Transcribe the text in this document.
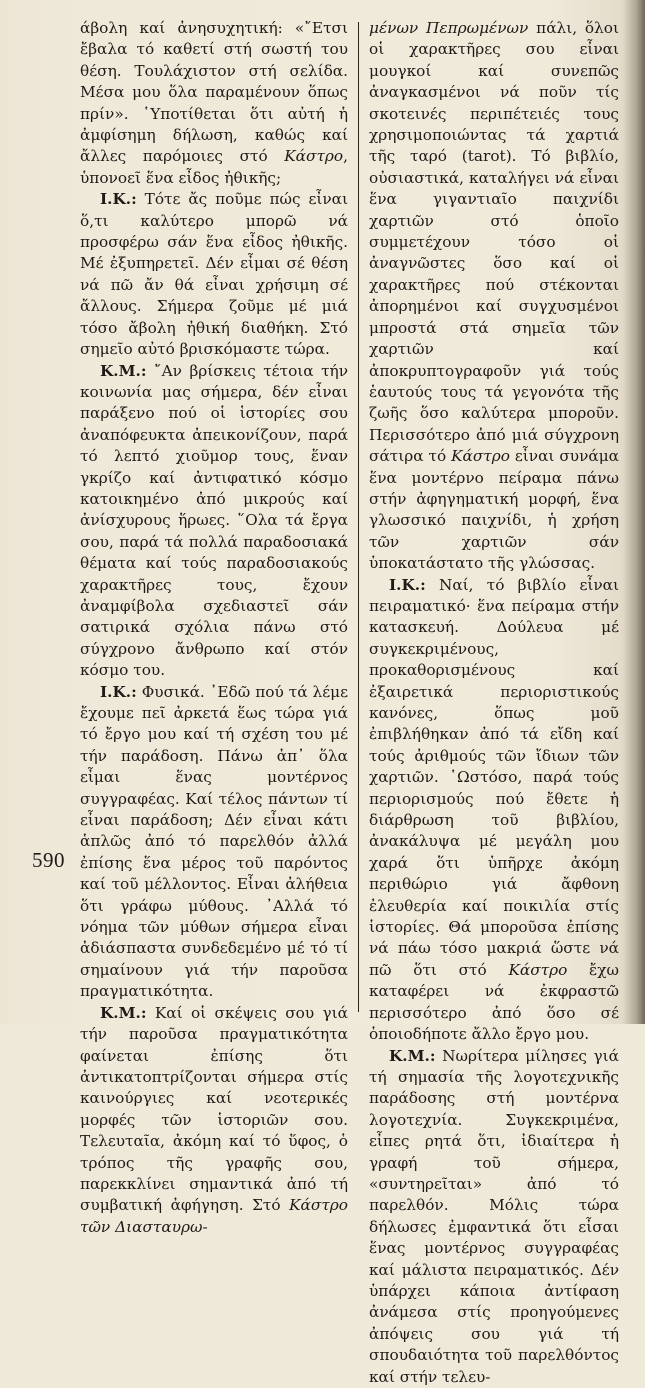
άβολη καί ἀνησυχητική: «῎Ετσι ἔβαλα τό καθετί στή σωστή του θέση. Τουλάχιστον στή σελίδα. Μέσα μου ὅλα παραμένουν ὅπως πρίν». ῾Υποτίθεται ὅτι αὐτή ἡ ἀμφίσημη δήλωση, καθώς καί ἄλλες παρόμοιες στό Κάστρο, ὑπονοεῖ ἕνα εἶδος ἠθικῆς;

I.K.: Τότε ἄς ποῦμε πώς εἶναι ὅ,τι καλύτερο μπορῶ νά προσφέρω σάν ἕνα εἶδος ἠθικῆς. Μέ ἐξυπηρετεῖ. Δέν εἶμαι σέ θέση νά πῶ ἄν θά εἶναι χρήσιμη σέ ἄλλους. Σήμερα ζοῦμε μέ μιά τόσο ἄβολη ἠθική διαθήκη. Στό σημεῖο αὐτό βρισκόμαστε τώρα.

K.M.: ῎Αν βρίσκεις τέτοια τήν κοινωνία μας σήμερα, δέν εἶναι παράξενο πού οἱ ἱστορίες σου ἀναπόφευκτα ἀπεικονίζουν, παρά τό λεπτό χιοῦμορ τους, ἕναν γκρίζο καί ἀντιφατικό κόσμο κατοικημένο ἀπό μικρούς καί ἀνίσχυρους ἥρωες. ῞Ολα τά ἔργα σου, παρά τά πολλά παραδοσιακά θέματα καί τούς παραδοσιακούς χαρακτῆρες τους, ἔχουν ἀναμφίβολα σχεδιαστεῖ σάν σατιρικά σχόλια πάνω στό σύγχρονο ἄνθρωπο καί στόν κόσμο του.

I.K.: Φυσικά. ᾿Εδῶ πού τά λέμε ἔχουμε πεῖ ἀρκετά ἕως τώρα γιά τό ἔργο μου καί τή σχέση του μέ τήν παράδοση. Πάνω ἀπ᾿ ὅλα εἶμαι ἕνας μοντέρνος συγγραφέας. Καί τέλος πάντων τί εἶναι παράδοση; Δέν εἶναι κάτι ἁπλῶς ἀπό τό παρελθόν ἀλλά ἐπίσης ἕνα μέρος τοῦ παρόντος καί τοῦ μέλλοντος. Εἶναι ἀλήθεια ὅτι γράφω μύθους. ᾿Αλλά τό νόημα τῶν μύθων σήμερα εἶναι ἀδιάσπαστα συνδεδεμένο μέ τό τί σημαίνουν γιά τήν παροῦσα πραγματικότητα.

K.M.: Καί οἱ σκέψεις σου γιά τήν παροῦσα πραγματικότητα φαίνεται ἐπίσης ὅτι ἀντικατοπτρίζονται σήμερα στίς καινούργιες καί νεοτερικές μορφές τῶν ἱστοριῶν σου. Τελευταῖα, ἀκόμη καί τό ὕφος, ὁ τρόπος τῆς γραφῆς σου, παρεκκλίνει σημαντικά ἀπό τή συμβατική ἀφήγηση. Στό Κάστρο τῶν Διασταυρω-

μένων Πεπρωμένων πάλι, ὅλοι οἱ χαρακτῆρες σου εἶναι μουγκοί καί συνεπῶς ἀναγκασμένοι νά ποῦν τίς σκοτεινές περιπέτειές τους χρησιμοποιώντας τά χαρτιά τῆς ταρό (tarot). Τό βιβλίο, οὐσιαστικά, καταλήγει νά εἶναι ἕνα γιγαντιαῖο παιχνίδι χαρτιῶν στό ὁποῖο συμμετέχουν τόσο οἱ ἀναγνῶστες ὅσο καί οἱ χαρακτῆρες πού στέκονται ἀπορημένοι καί συγχυσμένοι μπροστά στά σημεῖα τῶν χαρτιῶν καί ἀποκρυπτογραφοῦν γιά τούς ἑαυτούς τους τά γεγονότα τῆς ζωῆς ὅσο καλύτερα μποροῦν. Περισσότερο ἀπό μιά σύγχρονη σάτιρα τό Κάστρο εἶναι συνάμα ἕνα μοντέρνο πείραμα πάνω στήν ἀφηγηματική μορφή, ἕνα γλωσσικό παιχνίδι, ἡ χρήση τῶν χαρτιῶν σάν ὑποκατάστατο τῆς γλώσσας.

I.K.: Ναί, τό βιβλίο εἶναι πειραματικό· ἕνα πείραμα στήν κατασκευή. Δούλευα μέ συγκεκριμένους, προκαθορισμένους καί ἐξαιρετικά περιοριστικούς κανόνες, ὅπως μοῦ ἐπιβλήθηκαν ἀπό τά εἴδη καί τούς ἀριθμούς τῶν ἴδιων τῶν χαρτιῶν. ῾Ωστόσο, παρά τούς περιορισμούς πού ἔθετε ἡ διάρθρωση τοῦ βιβλίου, ἀνακάλυψα μέ μεγάλη μου χαρά ὅτι ὑπῆρχε ἀκόμη περιθώριο γιά ἄφθονη ἐλευθερία καί ποικιλία στίς ἱστορίες. Θά μποροῦσα ἐπίσης νά πάω τόσο μακριά ὥστε νά πῶ ὅτι στό Κάστρο ἔχω καταφέρει νά ἐκφραστῶ περισσότερο ἀπό ὅσο σέ ὁποιοδήποτε ἄλλο ἔργο μου.

K.M.: Νωρίτερα μίλησες γιά τή σημασία τῆς λογοτεχνικῆς παράδοσης στή μοντέρνα λογοτεχνία. Συγκεκριμένα, εἶπες ρητά ὅτι, ἰδιαίτερα ἡ γραφή τοῦ σήμερα, «συντηρεῖται» ἀπό τό παρελθόν. Μόλις τώρα δήλωσες ἐμφαντικά ὅτι εἶσαι ἕνας μοντέρνος συγγραφέας καί μάλιστα πειραματικός. Δέν ὑπάρχει κάποια ἀντίφαση ἀνάμεσα στίς προηγούμενες ἀπόψεις σου γιά τή σπουδαιότητα τοῦ παρελθόντος καί στήν τελευ-

590
